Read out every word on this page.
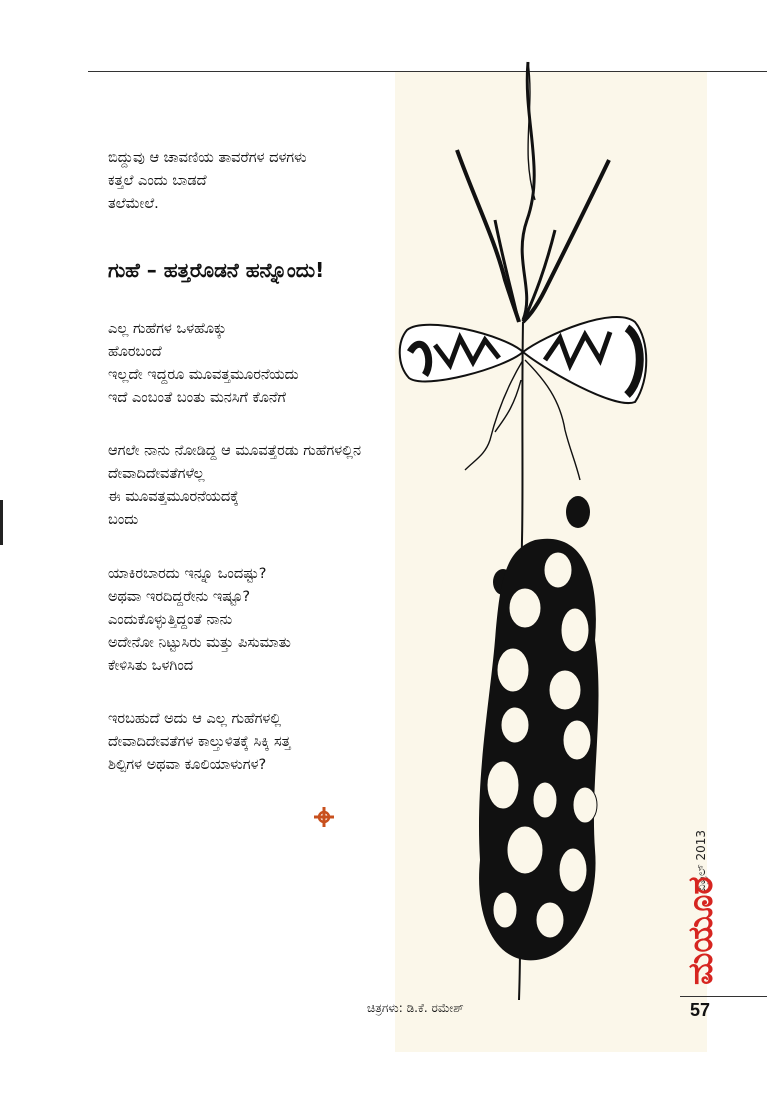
ಬಿದ್ದುವು ಆ ಚಾವಣಿಯ ತಾವರೆಗಳ ದಳಗಳು
ಕತ್ತಲೆ ಎಂದು ಬಾಡದೆ
ತಲೆಮೇಲೆ.
ಎಲ್ಲ ಗುಹೆಗಳ ಒಳಹೊಕ್ಕು
ಹೊರಬಂದೆ
ಇಲ್ಲದೇ ಇದ್ದರೂ ಮೂವತ್ತಮೂರನೆಯದು
ಇದೆ ಎಂಬಂತೆ ಬಂತು ಮನಸಿಗೆ ಕೊನೆಗೆ
ಆಗಲೇ ನಾನು ನೋಡಿದ್ದ ಆ ಮೂವತ್ತೆರಡು ಗುಹೆಗಳಲ್ಲಿನ
ದೇವಾದಿದೇವತೆಗಳೆಲ್ಲ
ಈ ಮೂವತ್ತಮೂರನೆಯದಕ್ಕೆ
ಬಂದು
ಯಾಕಿರಬಾರದು ಇನ್ನೂ ಒಂದಷ್ಟು?
ಅಥವಾ ಇರದಿದ್ದರೇನು ಇಷ್ಟೂ?
ಎಂದುಕೊಳ್ಳುತ್ತಿದ್ದಂತೆ ನಾನು
ಅದೇನೋ ನಿಟ್ಟುಸಿರು ಮತ್ತು ಪಿಸುಮಾತು
ಕೇಳಿಸಿತು ಒಳಗಿಂದ
ಇರಬಹುದೆ ಅದು ಆ ಎಲ್ಲ ಗುಹೆಗಳಲ್ಲಿ
ದೇವಾದಿದೇವತೆಗಳ ಕಾಲ್ತುಳಿತಕ್ಕೆ ಸಿಕ್ಕಿ ಸತ್ತ
ಶಿಲ್ಪಿಗಳ ಅಥವಾ ಕೂಲಿಯಾಳುಗಳ?
ಗುಹೆ – ಹತ್ತರೊಡನೆ ಹನ್ನೊಂದು!
ಏಪ್ರಿಲ್ 2013
ಮಯೂರ
57
ಚಿತ್ರಗಳು: ಡಿ.ಕೆ. ರಮೇಶ್
